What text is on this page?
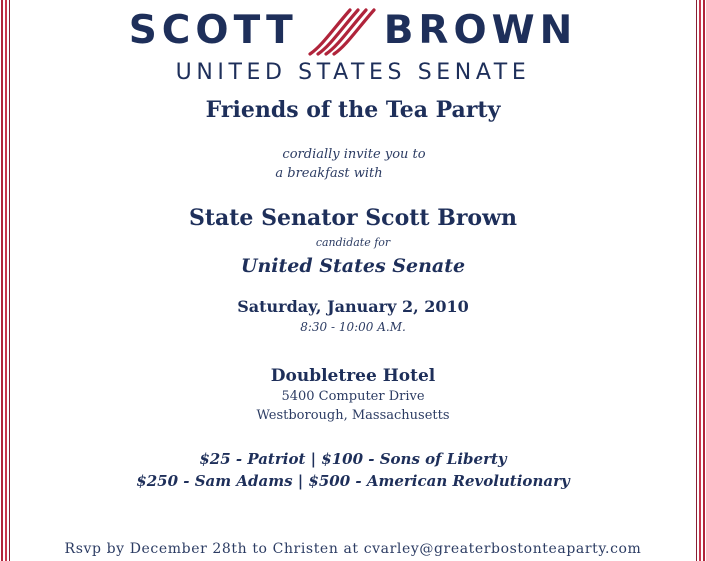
SCOTT BROWN
UNITED STATES SENATE
Friends of the Tea Party
cordially invite you to
a breakfast with
State Senator Scott Brown
candidate for
United States Senate
Saturday, January 2, 2010
8:30 - 10:00 A.M.
Doubletree Hotel
5400 Computer Drive
Westborough, Massachusetts
$25 - Patriot | $100 - Sons of Liberty
$250 - Sam Adams | $500 - American Revolutionary
Rsvp by December 28th to Christen at cvarley@greaterbostonteaparty.com
